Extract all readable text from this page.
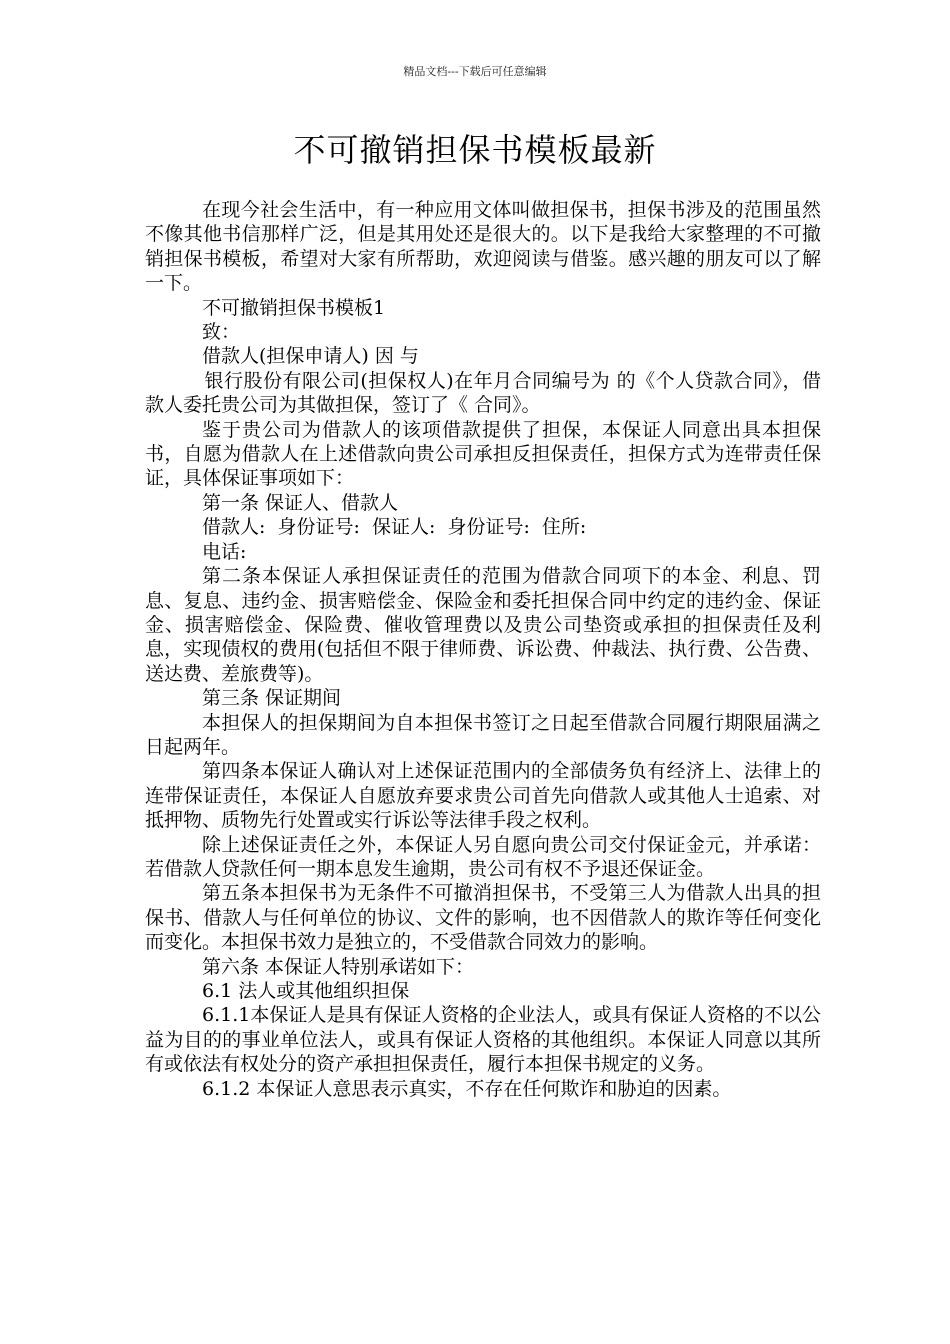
精品文档---下载后可任意编辑
不可撤销担保书模板最新

在现今社会生活中，有一种应用文体叫做担保书，担保书涉及的范围虽然不像其他书信那样广泛，但是其用处还是很大的。以下是我给大家整理的不可撤销担保书模板，希望对大家有所帮助，欢迎阅读与借鉴。感兴趣的朋友可以了解一下。

不可撤销担保书模板1

致：

借款人(担保申请人) 因 与

银行股份有限公司(担保权人)在年月合同编号为 的《个人贷款合同》，借款人委托贵公司为其做担保，签订了《 合同》。

鉴于贵公司为借款人的该项借款提供了担保，本保证人同意出具本担保书，自愿为借款人在上述借款向贵公司承担反担保责任，担保方式为连带责任保证，具体保证事项如下：

第一条 保证人、借款人

借款人:  身份证号:  保证人:  身份证号:  住所:

电话:

第二条本保证人承担保证责任的范围为借款合同项下的本金、利息、罚息、复息、违约金、损害赔偿金、保险金和委托担保合同中约定的违约金、保证金、损害赔偿金、保险费、催收管理费以及贵公司垫资或承担的担保责任及利息，实现债权的费用(包括但不限于律师费、诉讼费、仲裁法、执行费、公告费、送达费、差旅费等)。

第三条 保证期间

本担保人的担保期间为自本担保书签订之日起至借款合同履行期限届满之日起两年。

第四条本保证人确认对上述保证范围内的全部债务负有经济上、法律上的连带保证责任，本保证人自愿放弃要求贵公司首先向借款人或其他人士追索、对抵押物、质物先行处置或实行诉讼等法律手段之权利。

除上述保证责任之外，本保证人另自愿向贵公司交付保证金元，并承诺：若借款人贷款任何一期本息发生逾期，贵公司有权不予退还保证金。

第五条本担保书为无条件不可撤消担保书，不受第三人为借款人出具的担保书、借款人与任何单位的协议、文件的影响，也不因借款人的欺诈等任何变化而变化。本担保书效力是独立的，不受借款合同效力的影响。

第六条 本保证人特别承诺如下：

6.1 法人或其他组织担保

6.1.1本保证人是具有保证人资格的企业法人，或具有保证人资格的不以公益为目的的事业单位法人，或具有保证人资格的其他组织。本保证人同意以其所有或依法有权处分的资产承担担保责任，履行本担保书规定的义务。

6.1.2 本保证人意思表示真实，不存在任何欺诈和胁迫的因素。
